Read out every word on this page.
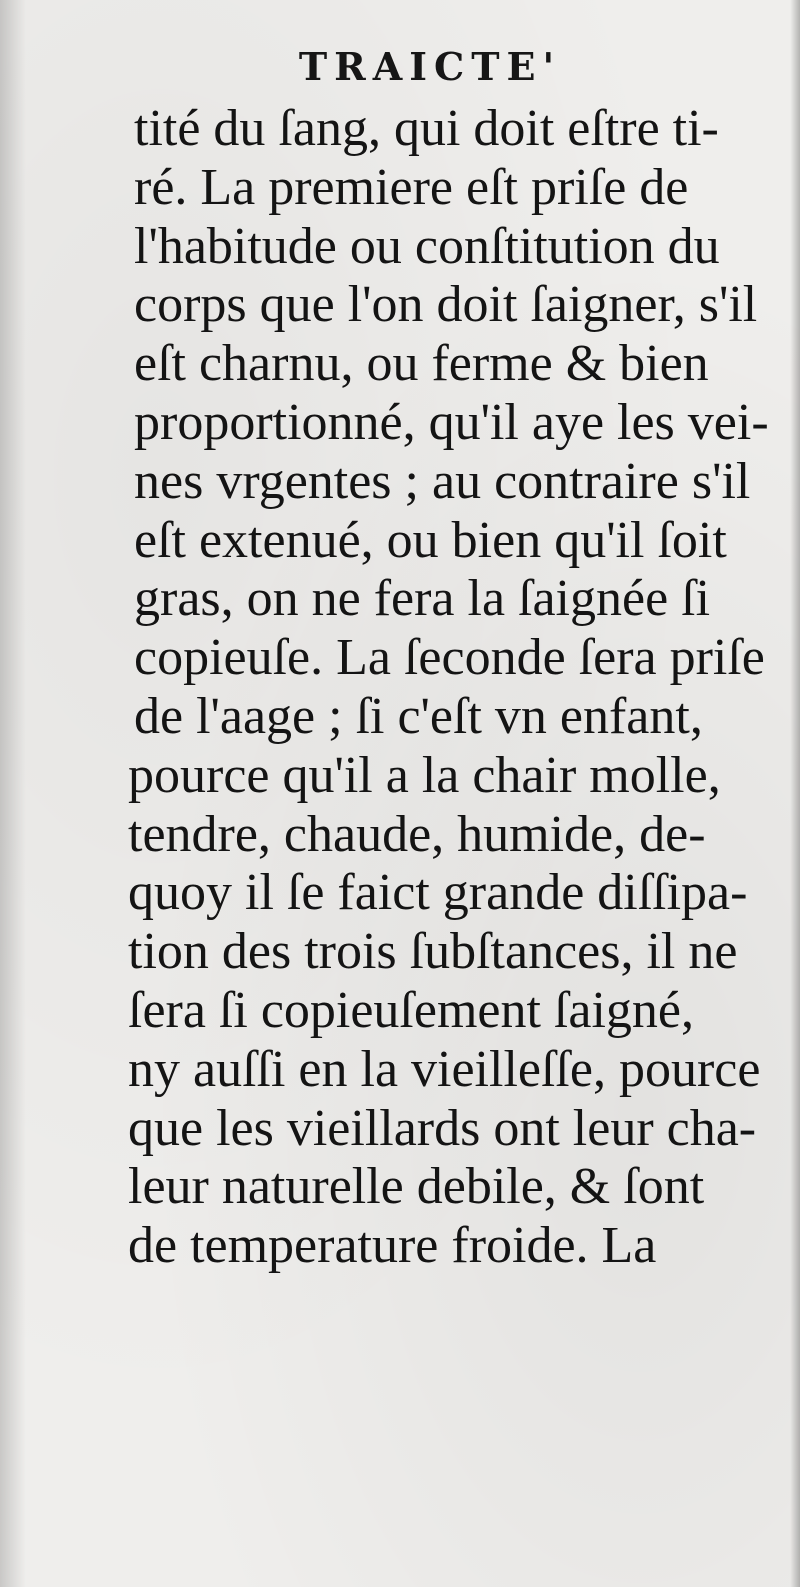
TRAICTE'
tité du ſang, qui doit eſtre ti-
ré. La premiere eſt priſe de
l'habitude ou conſtitution du
corps que l'on doit ſaigner, s'il
eſt charnu, ou ferme & bien
proportionné, qu'il aye les vei-
nes vrgentes ; au contraire s'il
eſt extenué, ou bien qu'il ſoit
gras, on ne fera la ſaignée ſi
copieuſe. La ſeconde ſera priſe
de l'aage ; ſi c'eſt vn enfant,
pource qu'il a la chair molle,
tendre, chaude, humide, de-
quoy il ſe faict grande diſſipa-
tion des trois ſubſtances, il ne
ſera ſi copieuſement ſaigné,
ny auſſi en la vieilleſſe, pource
que les vieillards ont leur cha-
leur naturelle debile, & ſont
de temperature froide. La
